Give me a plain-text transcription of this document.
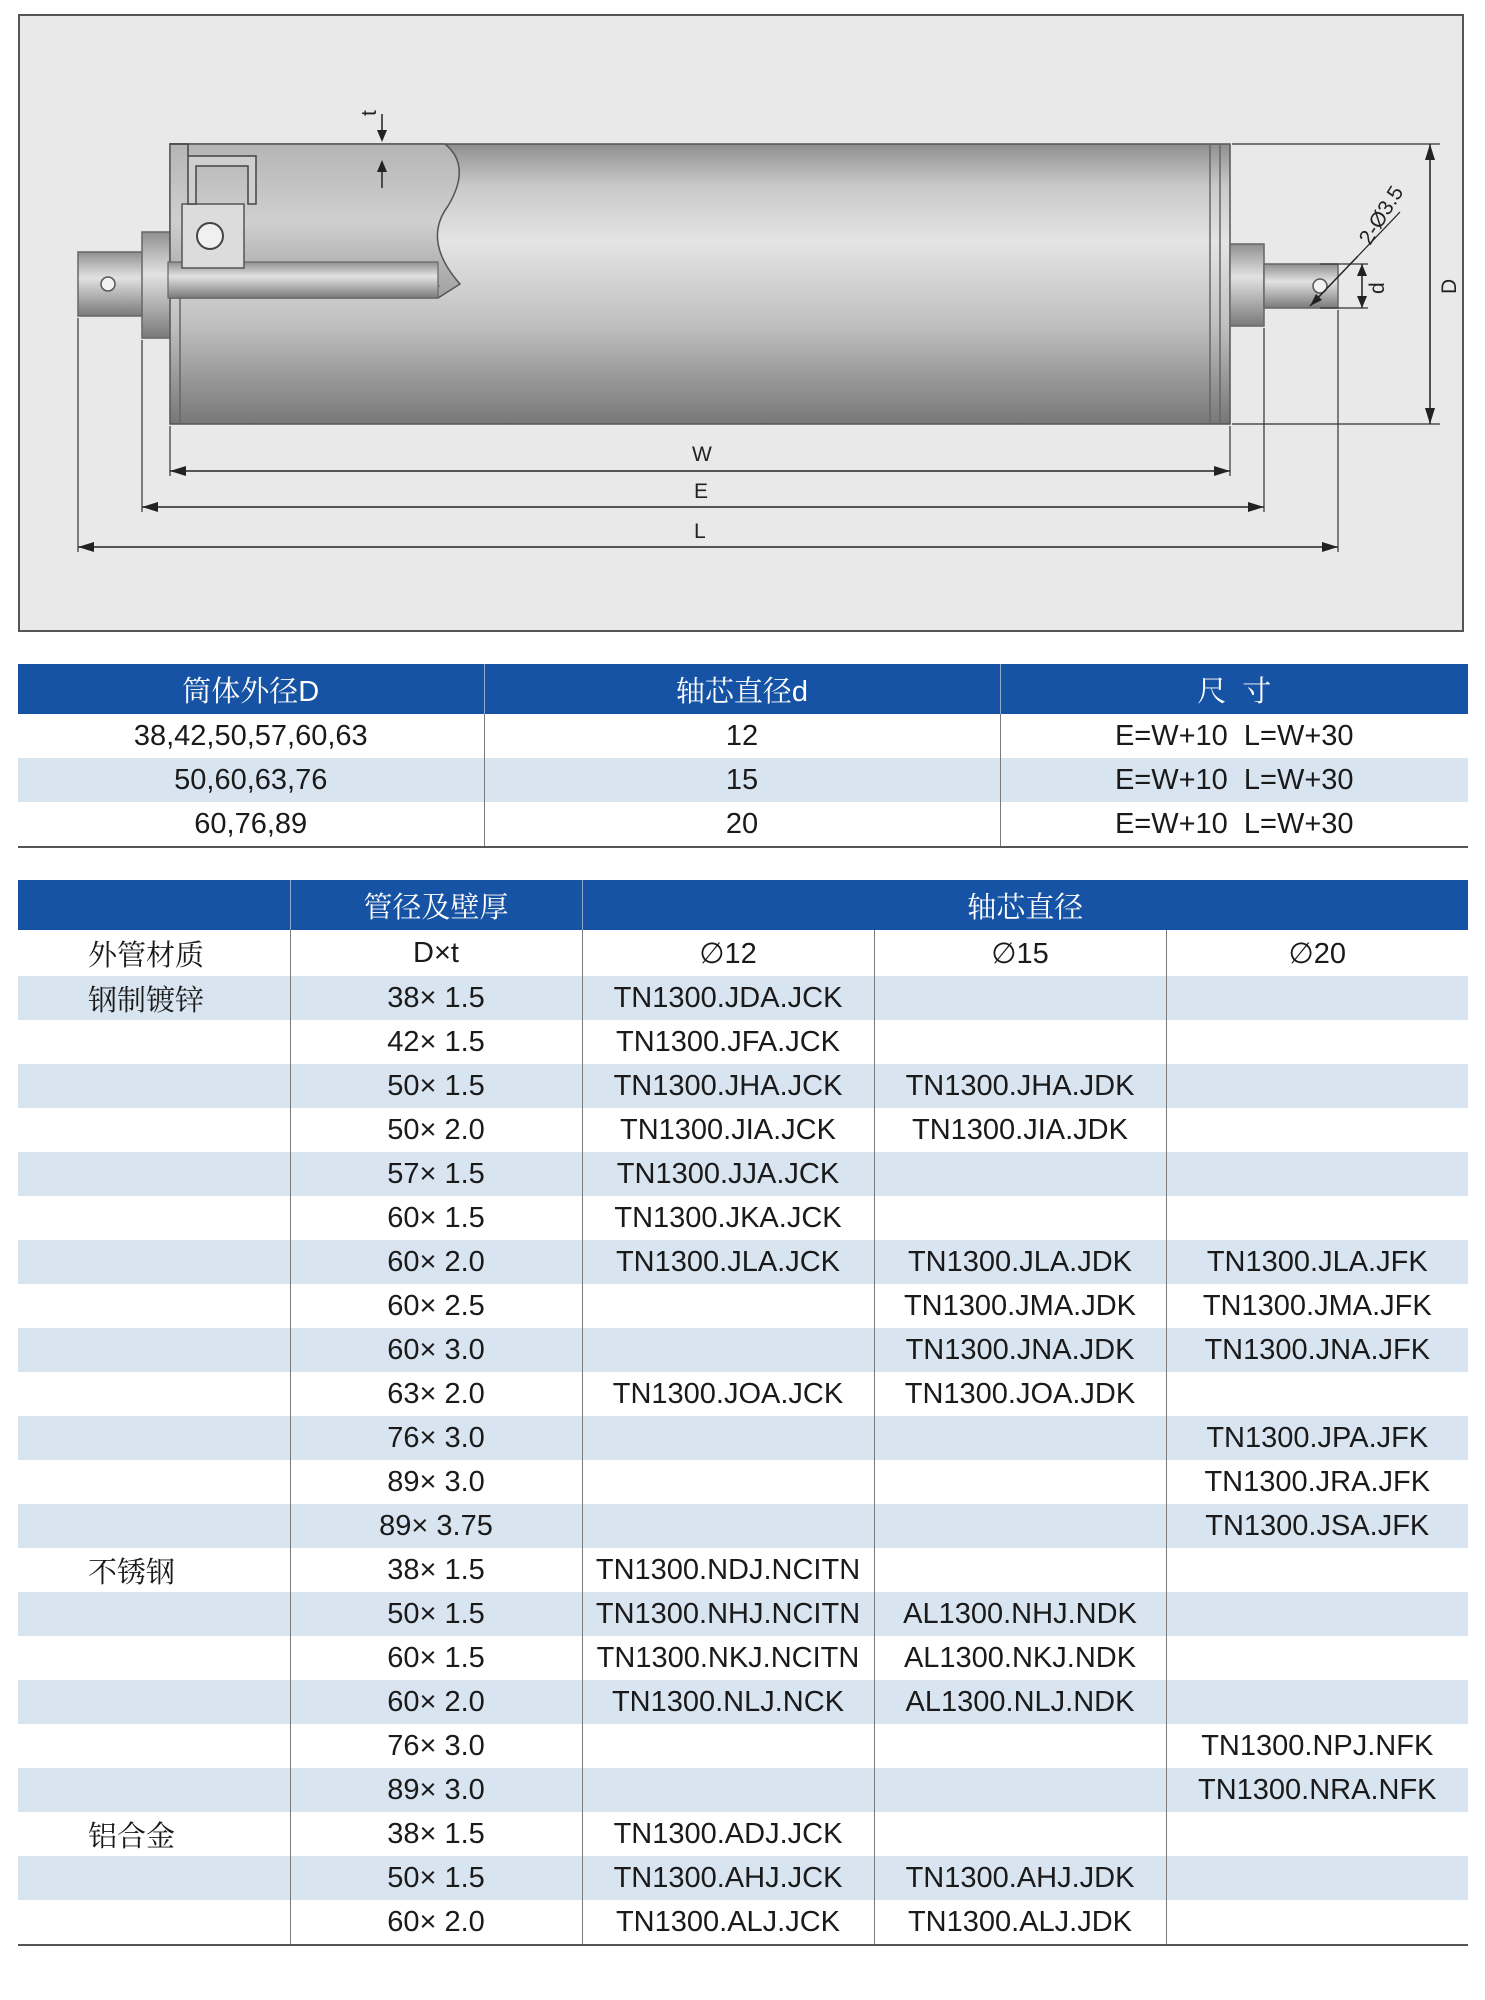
t
W
E
L
d D
2-Ø3.5
筒体外径D	轴芯直径d	尺  寸
38,42,50,57,60,63	12	E=W+10  L=W+30
50,60,63,76	15	E=W+10  L=W+30
60,76,89	20	E=W+10  L=W+30
	管径及壁厚	轴芯直径		
外管材质	D×t	∅12	∅15	∅20
钢制镀锌	38× 1.5	TN1300.JDA.JCK		
	42× 1.5	TN1300.JFA.JCK		
	50× 1.5	TN1300.JHA.JCK	TN1300.JHA.JDK	
	50× 2.0	TN1300.JIA.JCK	TN1300.JIA.JDK	
	57× 1.5	TN1300.JJA.JCK		
	60× 1.5	TN1300.JKA.JCK		
	60× 2.0	TN1300.JLA.JCK	TN1300.JLA.JDK	TN1300.JLA.JFK
	60× 2.5		TN1300.JMA.JDK	TN1300.JMA.JFK
	60× 3.0		TN1300.JNA.JDK	TN1300.JNA.JFK
	63× 2.0	TN1300.JOA.JCK	TN1300.JOA.JDK	
	76× 3.0			TN1300.JPA.JFK
	89× 3.0			TN1300.JRA.JFK
	89× 3.75			TN1300.JSA.JFK
不锈钢	38× 1.5	TN1300.NDJ.NCITN		
	50× 1.5	TN1300.NHJ.NCITN	AL1300.NHJ.NDK	
	60× 1.5	TN1300.NKJ.NCITN	AL1300.NKJ.NDK	
	60× 2.0	TN1300.NLJ.NCK	AL1300.NLJ.NDK	
	76× 3.0			TN1300.NPJ.NFK
	89× 3.0			TN1300.NRA.NFK
铝合金	38× 1.5	TN1300.ADJ.JCK		
	50× 1.5	TN1300.AHJ.JCK	TN1300.AHJ.JDK	
	60× 2.0	TN1300.ALJ.JCK	TN1300.ALJ.JDK	
